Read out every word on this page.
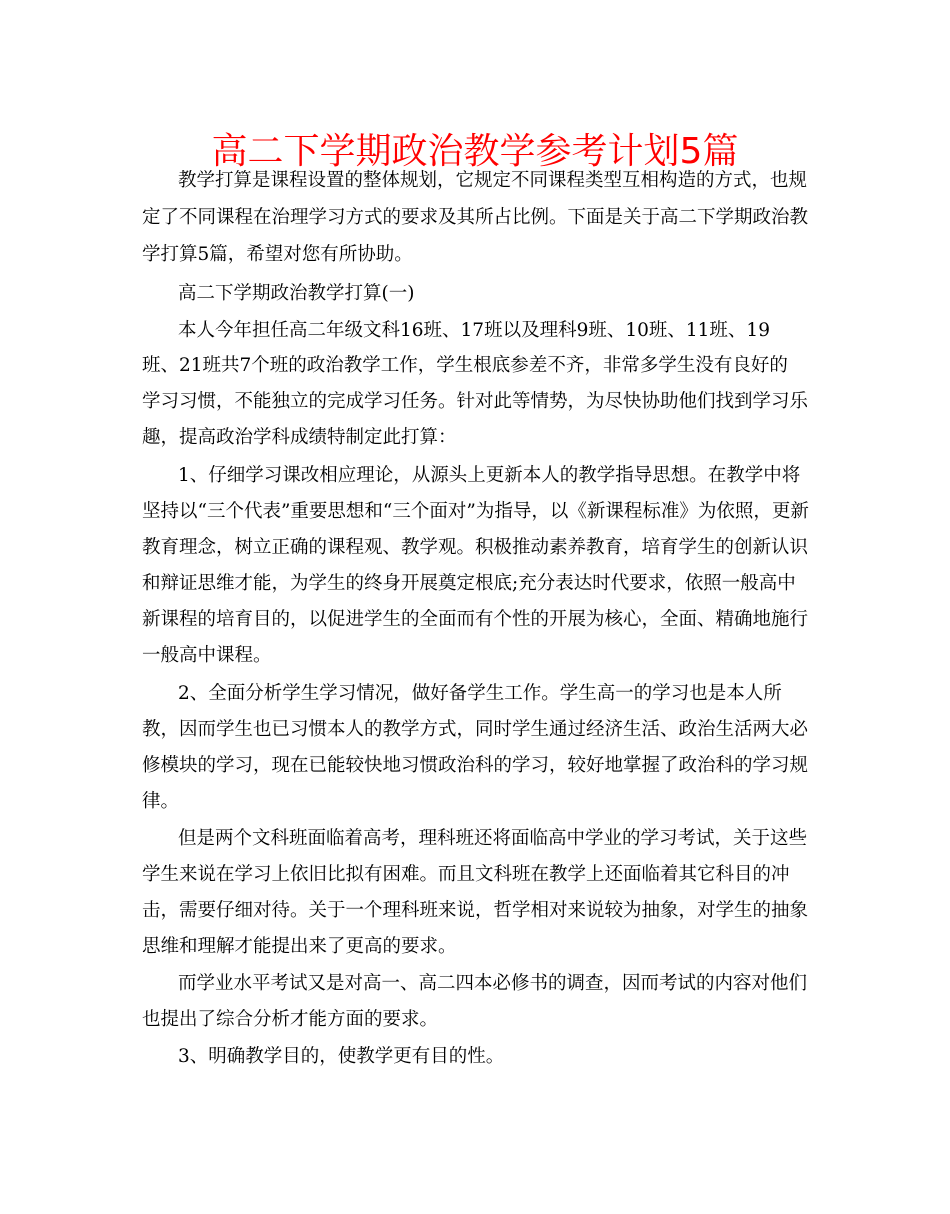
高二下学期政治教学参考计划5篇
教学打算是课程设置的整体规划，它规定不同课程类型互相构造的方式，也规
定了不同课程在治理学习方式的要求及其所占比例。下面是关于高二下学期政治教
学打算5篇，希望对您有所协助。
高二下学期政治教学打算(一)
本人今年担任高二年级文科16班、17班以及理科9班、10班、11班、19
班、21班共7个班的政治教学工作，学生根底参差不齐，非常多学生没有良好的
学习习惯，不能独立的完成学习任务。针对此等情势，为尽快协助他们找到学习乐
趣，提高政治学科成绩特制定此打算：
1、仔细学习课改相应理论，从源头上更新本人的教学指导思想。在教学中将
坚持以“三个代表”重要思想和“三个面对”为指导，以《新课程标准》为依照，更新
教育理念，树立正确的课程观、教学观。积极推动素养教育，培育学生的创新认识
和辩证思维才能，为学生的终身开展奠定根底;充分表达时代要求，依照一般高中
新课程的培育目的，以促进学生的全面而有个性的开展为核心，全面、精确地施行
一般高中课程。
2、全面分析学生学习情况，做好备学生工作。学生高一的学习也是本人所
教，因而学生也已习惯本人的教学方式，同时学生通过经济生活、政治生活两大必
修模块的学习，现在已能较快地习惯政治科的学习，较好地掌握了政治科的学习规
律。
但是两个文科班面临着高考，理科班还将面临高中学业的学习考试，关于这些
学生来说在学习上依旧比拟有困难。而且文科班在教学上还面临着其它科目的冲
击，需要仔细对待。关于一个理科班来说，哲学相对来说较为抽象，对学生的抽象
思维和理解才能提出来了更高的要求。
而学业水平考试又是对高一、高二四本必修书的调查，因而考试的内容对他们
也提出了综合分析才能方面的要求。
3、明确教学目的，使教学更有目的性。
